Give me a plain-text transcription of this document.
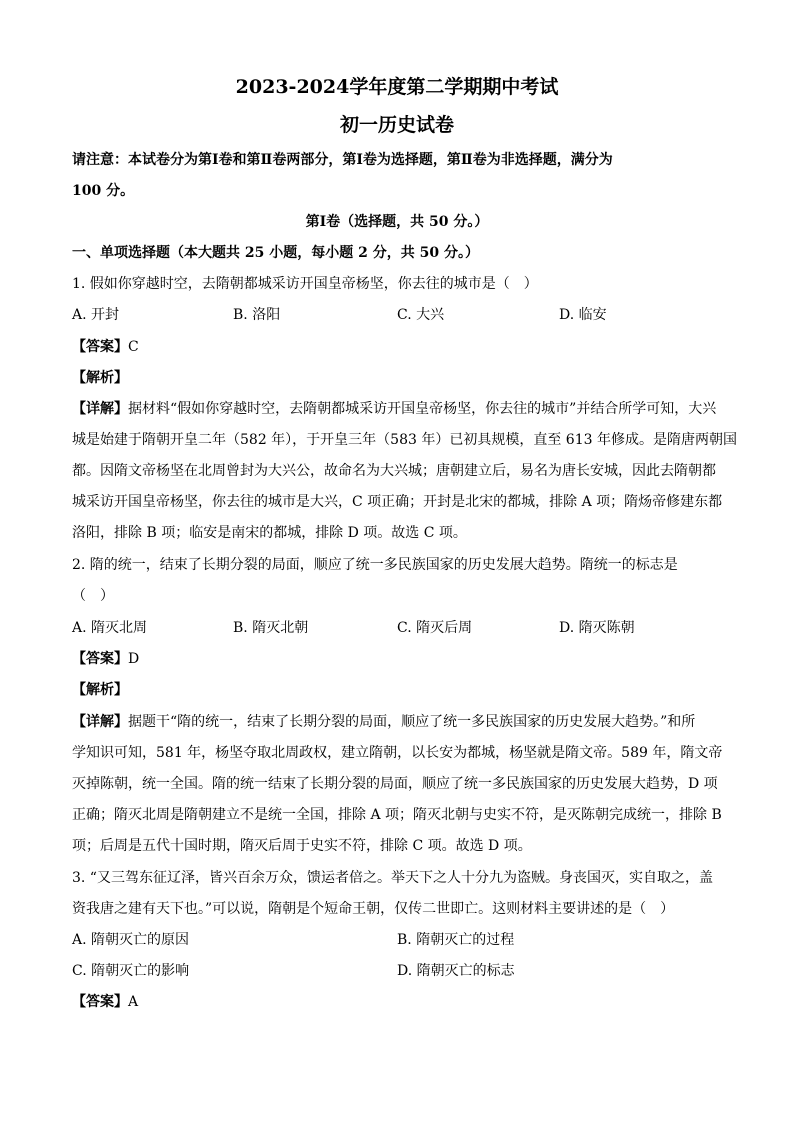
2023-2024学年度第二学期期中考试
初一历史试卷
请注意：本试卷分为第Ⅰ卷和第Ⅱ卷两部分，第Ⅰ卷为选择题，第Ⅱ卷为非选择题，满分为
100 分。
第Ⅰ卷（选择题，共 50 分。）
一、单项选择题（本大题共 25 小题，每小题 2 分，共 50 分。）
1. 假如你穿越时空，去隋朝都城采访开国皇帝杨坚，你去往的城市是（　）
A. 开封	B. 洛阳	C. 大兴	D. 临安
【答案】C
【解析】
【详解】据材料“假如你穿越时空，去隋朝都城采访开国皇帝杨坚，你去往的城市”并结合所学可知，大兴
城是始建于隋朝开皇二年（582 年），于开皇三年（583 年）已初具规模，直至 613 年修成。是隋唐两朝国
都。因隋文帝杨坚在北周曾封为大兴公，故命名为大兴城；唐朝建立后，易名为唐长安城，因此去隋朝都
城采访开国皇帝杨坚，你去往的城市是大兴，C 项正确；开封是北宋的都城，排除 A 项；隋炀帝修建东都
洛阳，排除 B 项；临安是南宋的都城，排除 D 项。故选 C 项。
2. 隋的统一，结束了长期分裂的局面，顺应了统一多民族国家的历史发展大趋势。隋统一的标志是
（　）
A. 隋灭北周	B. 隋灭北朝	C. 隋灭后周	D. 隋灭陈朝
【答案】D
【解析】
【详解】据题干“隋的统一，结束了长期分裂的局面，顺应了统一多民族国家的历史发展大趋势。”和所
学知识可知，581 年，杨坚夺取北周政权，建立隋朝，以长安为都城，杨坚就是隋文帝。589 年，隋文帝
灭掉陈朝，统一全国。隋的统一结束了长期分裂的局面，顺应了统一多民族国家的历史发展大趋势，D 项
正确；隋灭北周是隋朝建立不是统一全国，排除 A 项；隋灭北朝与史实不符，是灭陈朝完成统一，排除 B
项；后周是五代十国时期，隋灭后周于史实不符，排除 C 项。故选 D 项。
3. “又三驾东征辽泽，皆兴百余万众，馈运者倍之。举天下之人十分九为盗贼。身丧国灭，实自取之，盖
资我唐之建有天下也。”可以说，隋朝是个短命王朝，仅传二世即亡。这则材料主要讲述的是（　）
A. 隋朝灭亡的原因	B. 隋朝灭亡的过程
C. 隋朝灭亡的影响	D. 隋朝灭亡的标志
【答案】A
